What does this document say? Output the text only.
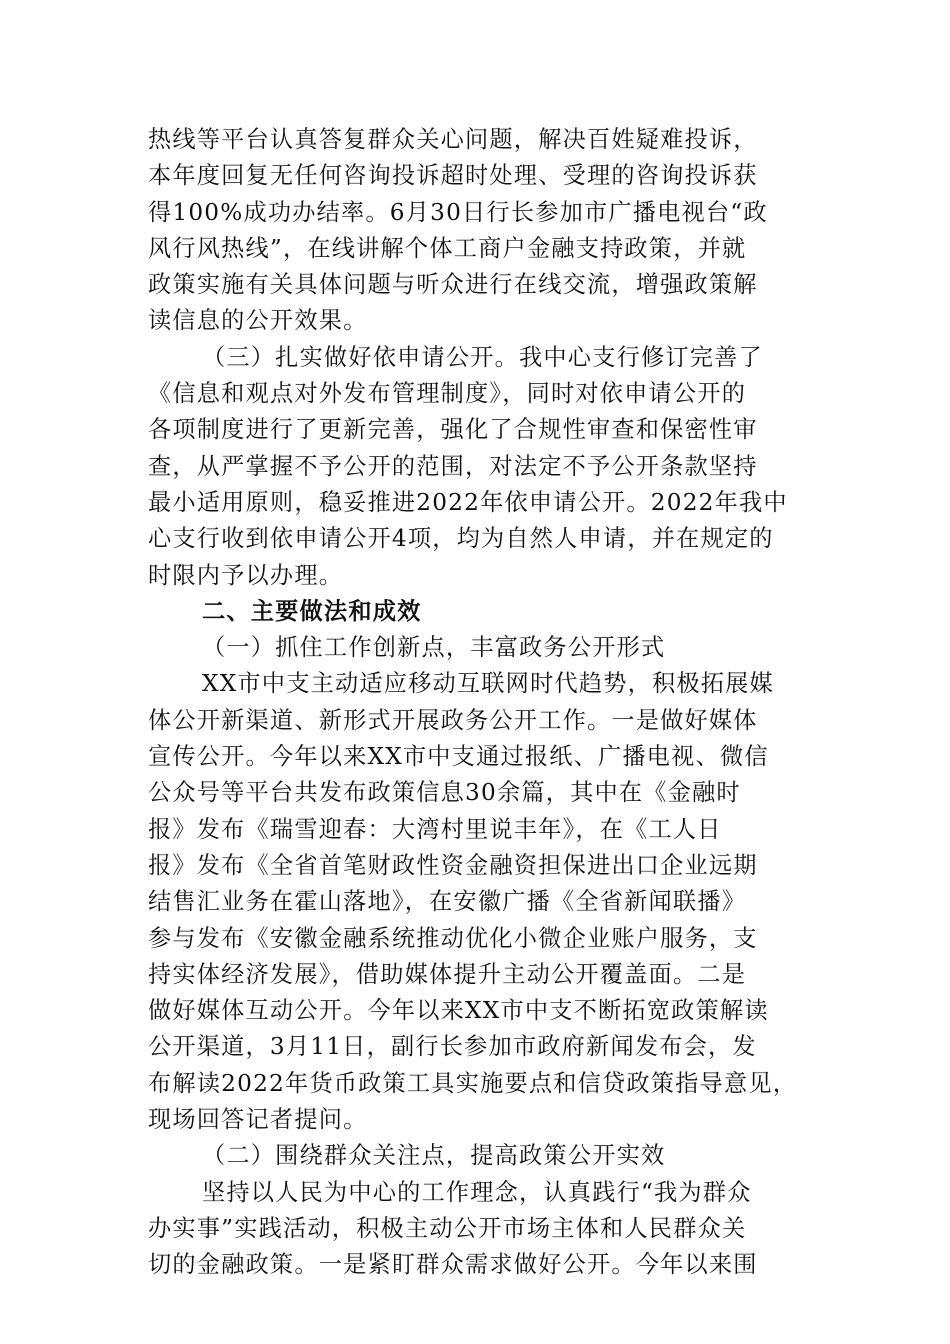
热线等平台认真答复群众关心问题，解决百姓疑难投诉，
本年度回复无任何咨询投诉超时处理、受理的咨询投诉获
得100%成功办结率。6月30日行长参加市广播电视台“政
风行风热线”，在线讲解个体工商户金融支持政策，并就
政策实施有关具体问题与听众进行在线交流，增强政策解
读信息的公开效果。
（三）扎实做好依申请公开。我中心支行修订完善了
《信息和观点对外发布管理制度》，同时对依申请公开的
各项制度进行了更新完善，强化了合规性审查和保密性审
查，从严掌握不予公开的范围，对法定不予公开条款坚持
最小适用原则，稳妥推进2022年依申请公开。2022年我中
心支行收到依申请公开4项，均为自然人申请，并在规定的
时限内予以办理。
二、主要做法和成效
（一）抓住工作创新点，丰富政务公开形式
XX市中支主动适应移动互联网时代趋势，积极拓展媒
体公开新渠道、新形式开展政务公开工作。一是做好媒体
宣传公开。今年以来XX市中支通过报纸、广播电视、微信
公众号等平台共发布政策信息30余篇，其中在《金融时
报》发布《瑞雪迎春：大湾村里说丰年》，在《工人日
报》发布《全省首笔财政性资金融资担保进出口企业远期
结售汇业务在霍山落地》，在安徽广播《全省新闻联播》
参与发布《安徽金融系统推动优化小微企业账户服务，支
持实体经济发展》，借助媒体提升主动公开覆盖面。二是
做好媒体互动公开。今年以来XX市中支不断拓宽政策解读
公开渠道，3月11日，副行长参加市政府新闻发布会，发
布解读2022年货币政策工具实施要点和信贷政策指导意见，
现场回答记者提问。
（二）围绕群众关注点，提高政策公开实效
坚持以人民为中心的工作理念，认真践行“我为群众
办实事”实践活动，积极主动公开市场主体和人民群众关
切的金融政策。一是紧盯群众需求做好公开。今年以来围
